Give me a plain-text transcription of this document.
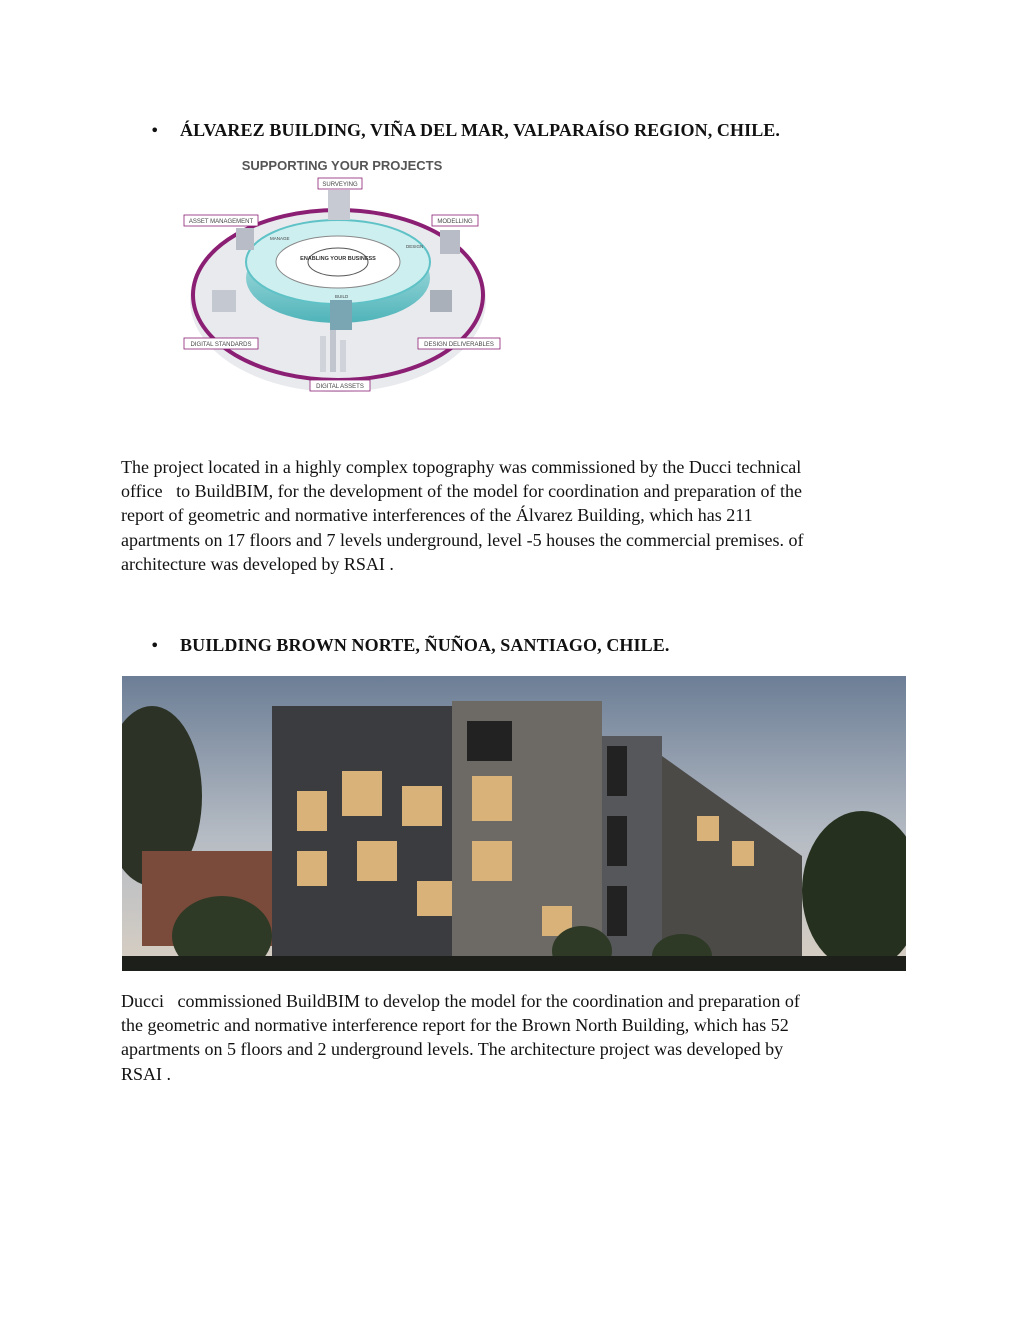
•	ÁLVAREZ BUILDING, VIÑA DEL MAR, VALPARAÍSO REGION, CHILE.
SUPPORTING YOUR PROJECTS
ENABLING YOUR BUSINESS
SURVEYING
ASSET MANAGEMENT	MODELLING
DIGITAL STANDARDS	DESIGN DELIVERABLES
DIGITAL ASSETS
MANAGE
DESIGN
BUILD
The project located in a highly complex topography was commissioned by the Ducci technical
office   to BuildBIM, for the development of the model for coordination and preparation of the
report of geometric and normative interferences of the Álvarez Building, which has 211
apartments on 17 floors and 7 levels underground, level -5 houses the commercial premises. of
architecture was developed by RSAI .
•	BUILDING BROWN NORTE, ÑUÑOA, SANTIAGO, CHILE.
Ducci   commissioned BuildBIM to develop the model for the coordination and preparation of
the geometric and normative interference report for the Brown North Building, which has 52
apartments on 5 floors and 2 underground levels. The architecture project was developed by
RSAI .
